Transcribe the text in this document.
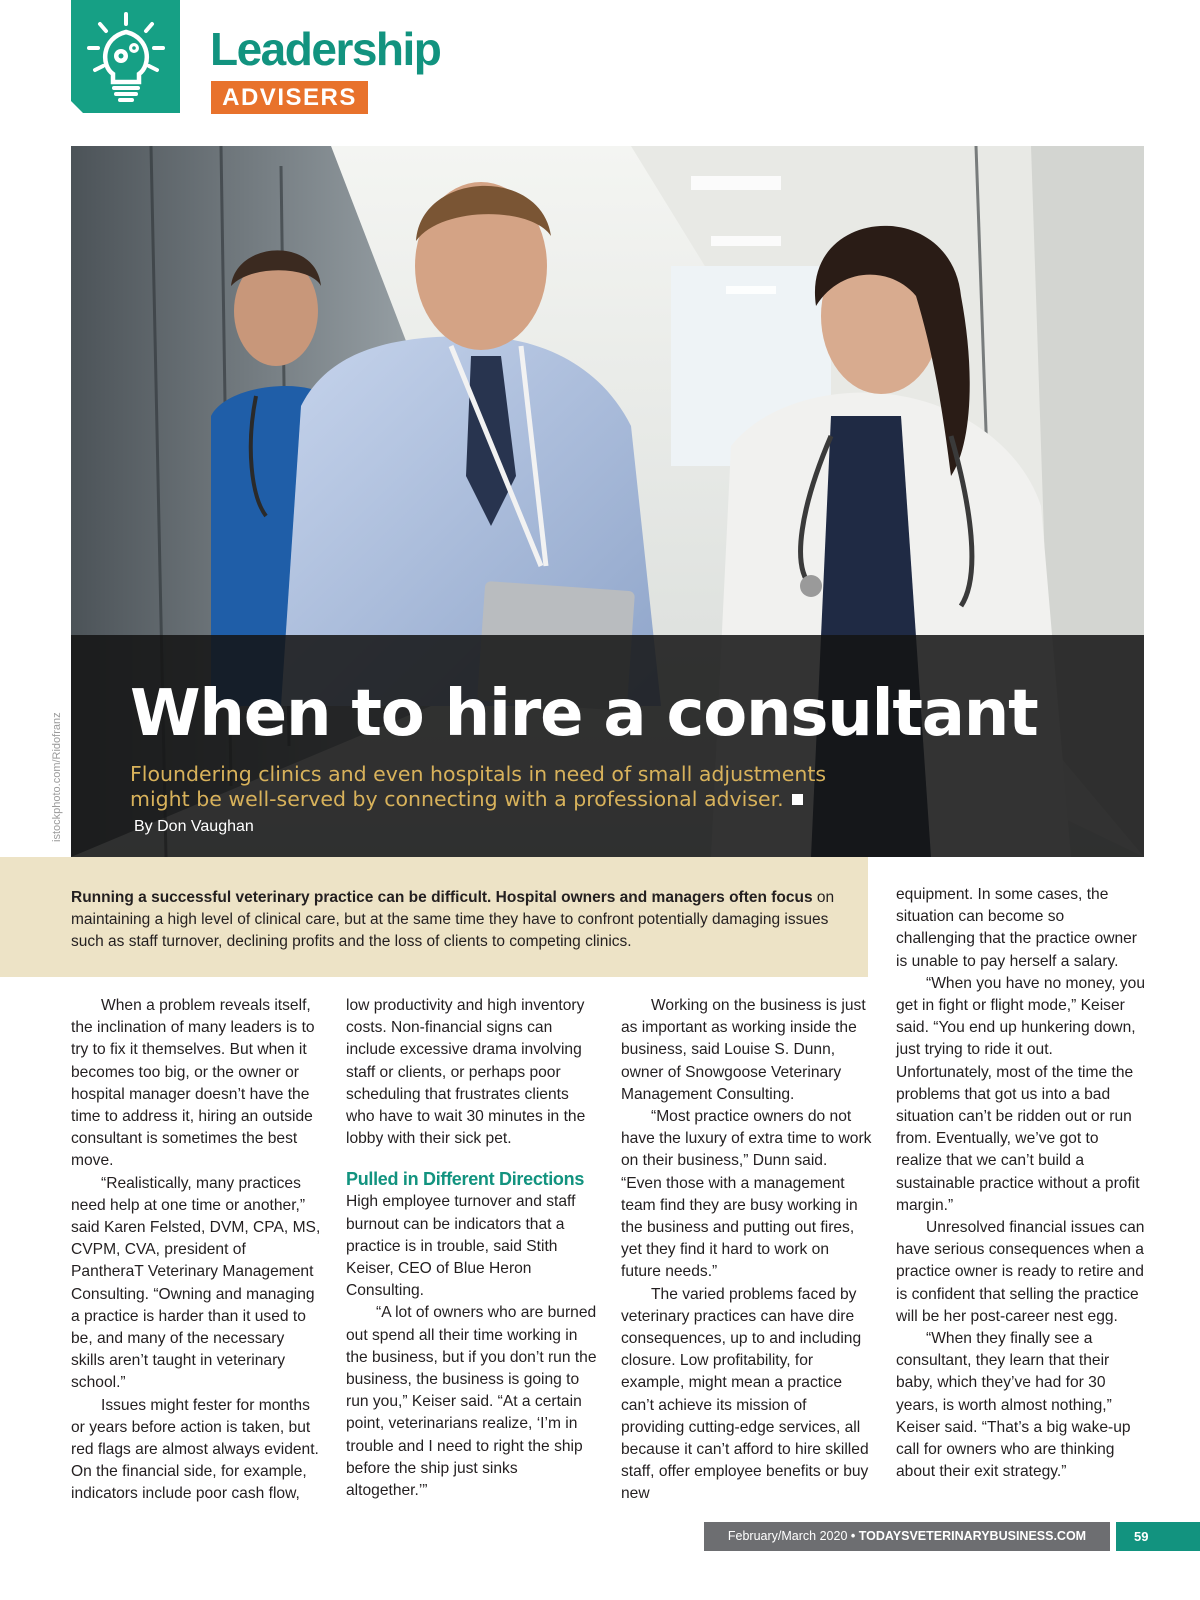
Leadership
ADVISERS
istockphoto.com/Ridofranz When to hire a consultant
Floundering clinics and even hospitals in need of small adjustments might be well-served by connecting with a professional adviser.By Don Vaughan
Running a successful veterinary practice can be difficult. Hospital owners and managers often focus on maintaining a high level of clinical care, but at the same time they have to confront potentially damaging issues such as staff turnover, declining profits and the loss of clients to competing clinics.

When a problem reveals itself, the inclination of many leaders is to try to fix it themselves. But when it becomes too big, or the owner or hospital manager doesn’t have the time to address it, hiring an outside consultant is sometimes the best move.

“Realistically, many practices need help at one time or another,” said Karen Felsted, DVM, CPA, MS, CVPM, CVA, president of PantheraT Veterinary Management Consulting. “Owning and managing a practice is harder than it used to be, and many of the necessary skills aren’t taught in veterinary school.”

Issues might fester for months or years before action is taken, but red flags are almost always evident. On the financial side, for example, indicators include poor cash flow,

low productivity and high inventory costs. Non-financial signs can include excessive drama involving staff or clients, or perhaps poor scheduling that frustrates clients who have to wait 30 minutes in the lobby with their sick pet.

Pulled in Different Directions

High employee turnover and staff burnout can be indicators that a practice is in trouble, said Stith Keiser, CEO of Blue Heron Consulting.

“A lot of owners who are burned out spend all their time working in the business, but if you don’t run the business, the business is going to run you,” Keiser said. “At a certain point, veterinarians realize, ‘I’m in trouble and I need to right the ship before the ship just sinks altogether.’”

Working on the business is just as important as working inside the business, said Louise S. Dunn, owner of Snowgoose Veterinary Management Consulting.

“Most practice owners do not have the luxury of extra time to work on their business,” Dunn said. “Even those with a management team find they are busy working in the business and putting out fires, yet they find it hard to work on future needs.”

The varied problems faced by veterinary practices can have dire consequences, up to and including closure. Low profitability, for example, might mean a practice can’t achieve its mission of providing cutting-edge services, all because it can’t afford to hire skilled staff, offer employee benefits or buy new

equipment. In some cases, the situation can become so challenging that the practice owner is unable to pay herself a salary.

“When you have no money, you get in fight or flight mode,” Keiser said. “You end up hunkering down, just trying to ride it out. Unfortunately, most of the time the problems that got us into a bad situation can’t be ridden out or run from. Eventually, we’ve got to realize that we can’t build a sustainable practice without a profit margin.”

Unresolved financial issues can have serious consequences when a practice owner is ready to retire and is confident that selling the practice will be her post-career nest egg.

“When they finally see a consultant, they learn that their baby, which they’ve had for 30 years, is worth almost nothing,” Keiser said. “That’s a big wake-up call for owners who are thinking about their exit strategy.”

February/March 2020 • TODAYSVETERINARYBUSINESS.COM	59
